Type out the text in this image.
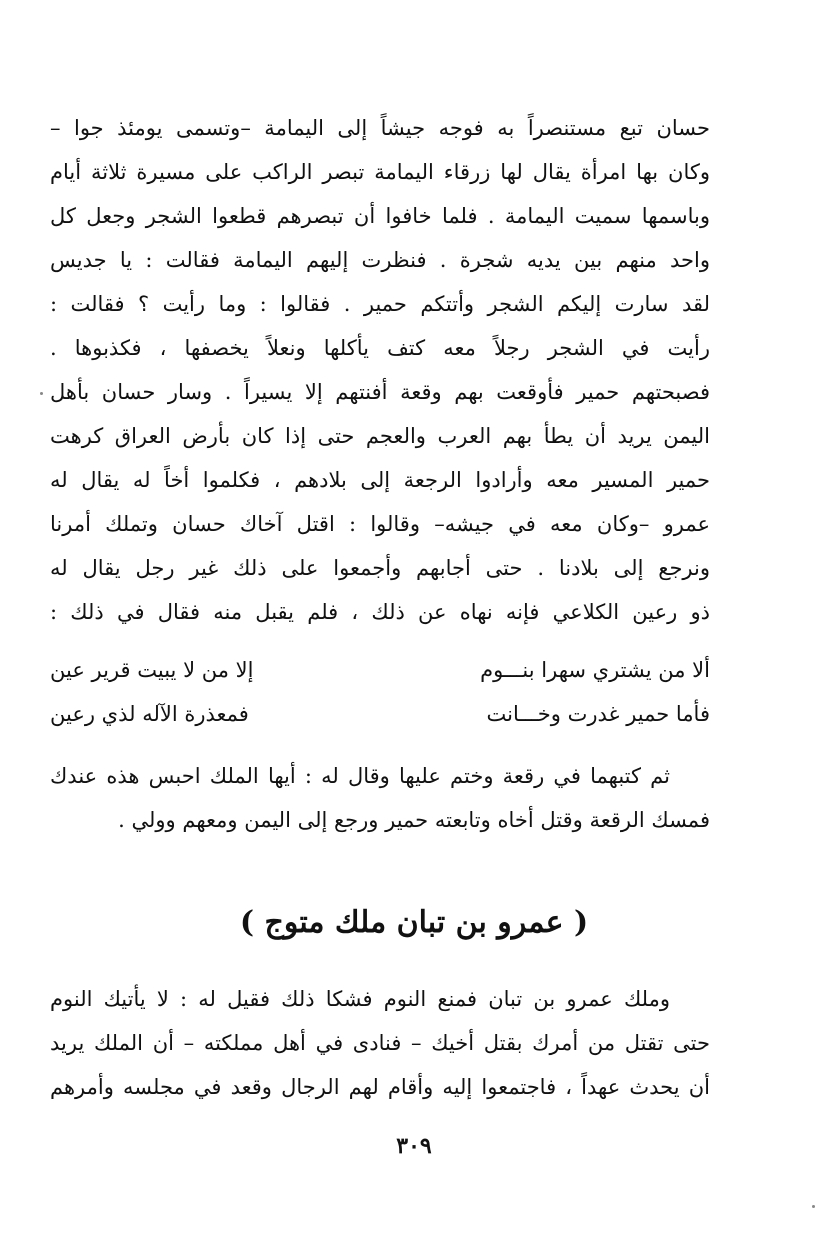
حسان تبع مستنصراً به فوجه جيشاً إلى اليمامة –وتسمى يومئذ جوا –
وكان بها امرأة يقال لها زرقاء اليمامة تبصر الراكب على مسيرة ثلاثة أيام
وباسمها سميت اليمامة . فلما خافوا أن تبصرهم قطعوا الشجر وجعل كل
واحد منهم بين يديه شجرة . فنظرت إليهم اليمامة فقالت : يا جديس
لقد سارت إليكم الشجر وأتتكم حمير . فقالوا : وما رأيت ؟ فقالت :
رأيت في الشجر رجلاً معه كتف يأكلها ونعلاً يخصفها ، فكذبوها .
فصبحتهم حمير فأوقعت بهم وقعة أفنتهم إلا يسيراً . وسار حسان بأهل
اليمن يريد أن يطأ بهم العرب والعجم حتى إذا كان بأرض العراق كرهت
حمير المسير معه وأرادوا الرجعة إلى بلادهم ، فكلموا أخاً له يقال له
عمرو –وكان معه في جيشه– وقالوا : اقتل آخاك حسان وتملك أمرنا
ونرجع إلى بلادنا . حتى أجابهم وأجمعوا على ذلك غير رجل يقال له
ذو رعين الكلاعي فإنه نهاه عن ذلك ، فلم يقبل منه فقال في ذلك :
ألا من يشتري سهرا بنـــوم
إلا من لا يبيت قرير عين
فأما حمير غدرت وخـــانت
فمعذرة الآله لذي رعين
ثم كتبهما في رقعة وختم عليها وقال له : أيها الملك احبس هذه عندك
فمسك الرقعة وقتل أخاه وتابعته حمير ورجع إلى اليمن ومعهم وولي .
( عمرو بن تبان ملك متوج )
وملك عمرو بن تبان فمنع النوم فشكا ذلك فقيل له : لا يأتيك النوم
حتى تقتل من أمرك بقتل أخيك – فنادى في أهل مملكته – أن الملك يريد
أن يحدث عهداً ، فاجتمعوا إليه وأقام لهم الرجال وقعد في مجلسه وأمرهم
٣٠٩
